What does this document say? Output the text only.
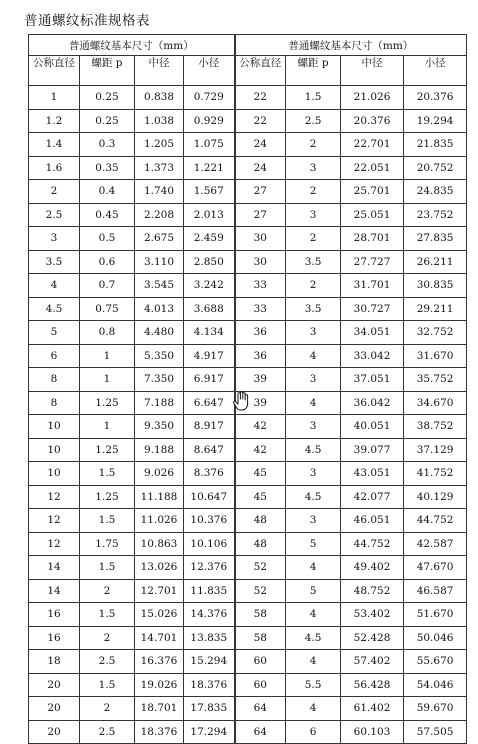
普通螺纹标准规格表
普通螺纹基本尺寸（mm）				普通螺纹基本尺寸（mm）			
公称直径	螺距 p	中径	小径	公称直径	螺距 p	中径	小径
1	0.25	0.838	0.729	22	1.5	21.026	20.376
1.2	0.25	1.038	0.929	22	2.5	20.376	19.294
1.4	0.3	1.205	1.075	24	2	22.701	21.835
1.6	0.35	1.373	1.221	24	3	22.051	20.752
2	0.4	1.740	1.567	27	2	25.701	24.835
2.5	0.45	2.208	2.013	27	3	25.051	23.752
3	0.5	2.675	2.459	30	2	28.701	27.835
3.5	0.6	3.110	2.850	30	3.5	27.727	26.211
4	0.7	3.545	3.242	33	2	31.701	30.835
4.5	0.75	4.013	3.688	33	3.5	30.727	29.211
5	0.8	4.480	4.134	36	3	34.051	32.752
6	1	5.350	4.917	36	4	33.042	31.670
8	1	7.350	6.917	39	3	37.051	35.752
8	1.25	7.188	6.647	39	4	36.042	34.670
10	1	9.350	8.917	42	3	40.051	38.752
10	1.25	9.188	8.647	42	4.5	39.077	37.129
10	1.5	9.026	8.376	45	3	43.051	41.752
12	1.25	11.188	10.647	45	4.5	42.077	40.129
12	1.5	11.026	10.376	48	3	46.051	44.752
12	1.75	10.863	10.106	48	5	44.752	42.587
14	1.5	13.026	12.376	52	4	49.402	47.670
14	2	12.701	11.835	52	5	48.752	46.587
16	1.5	15.026	14.376	58	4	53.402	51.670
16	2	14.701	13.835	58	4.5	52.428	50.046
18	2.5	16.376	15.294	60	4	57.402	55.670
20	1.5	19.026	18.376	60	5.5	56.428	54.046
20	2	18.701	17.835	64	4	61.402	59.670
20	2.5	18.376	17.294	64	6	60.103	57.505
